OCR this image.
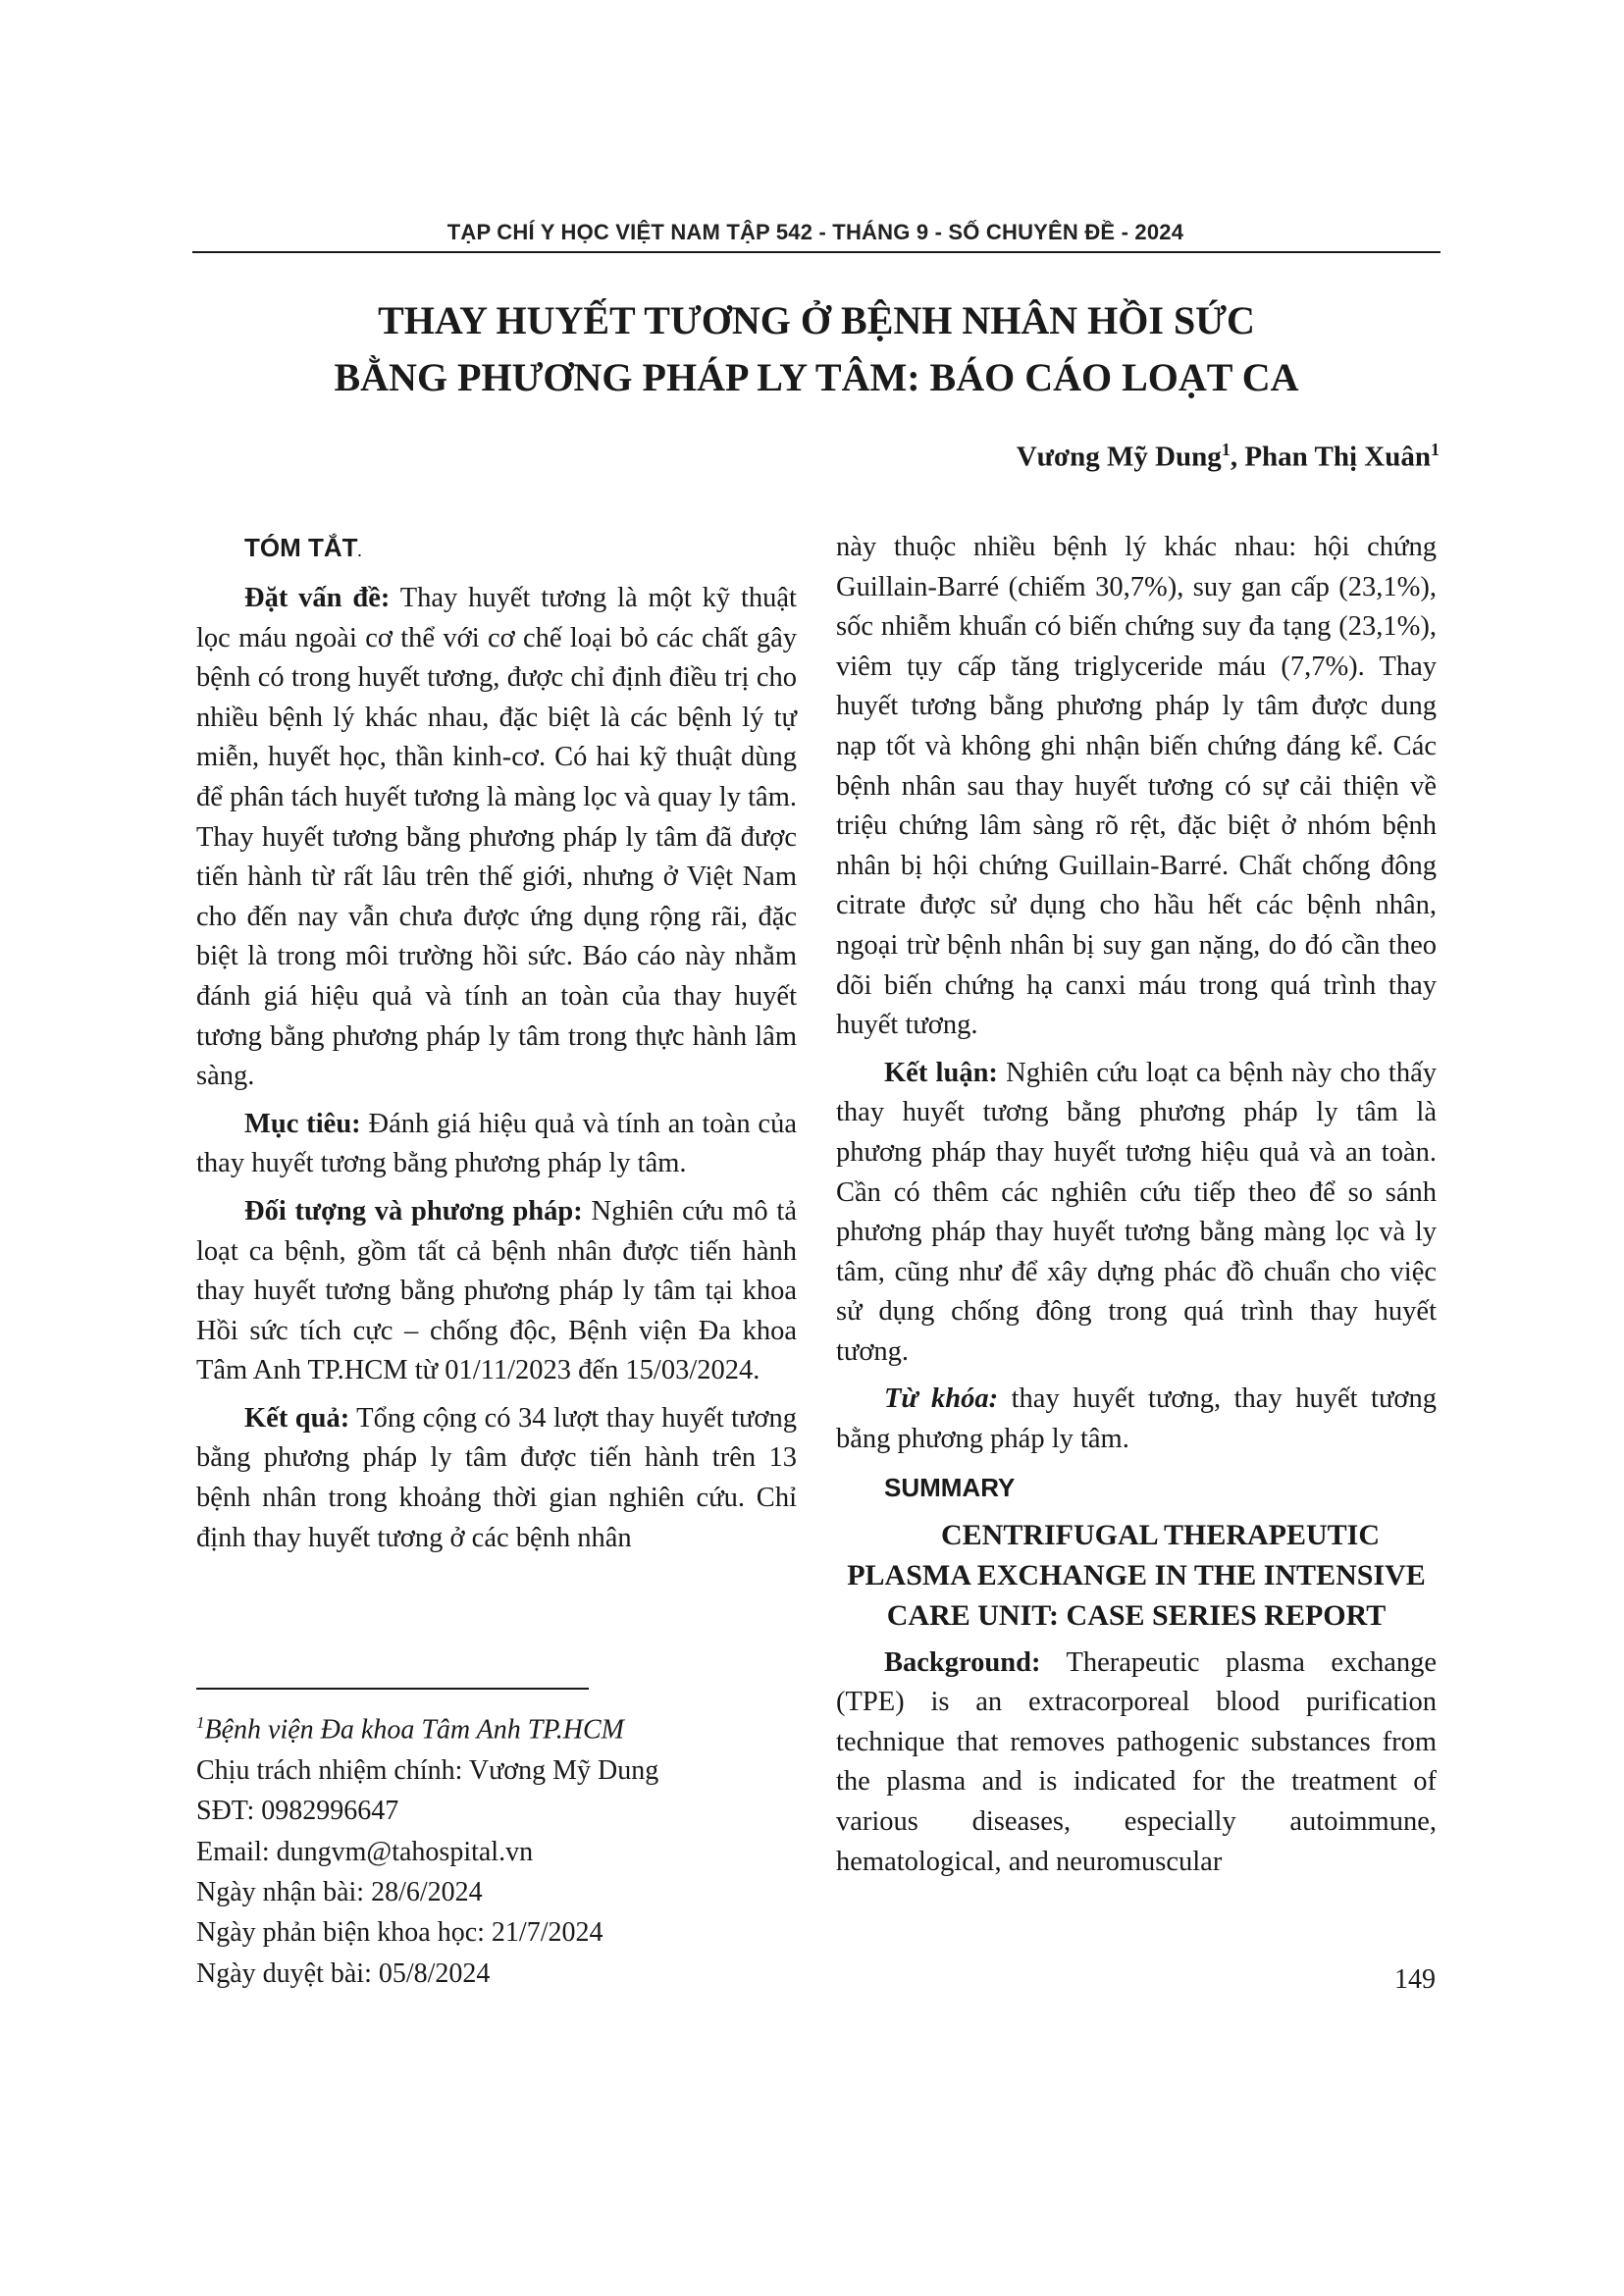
TẠP CHÍ Y HỌC VIỆT NAM TẬP 542 - THÁNG 9 - SỐ CHUYÊN ĐỀ - 2024
THAY HUYẾT TƯƠNG Ở BỆNH NHÂN HỒI SỨC
BẰNG PHƯƠNG PHÁP LY TÂM: BÁO CÁO LOẠT CA
Vương Mỹ Dung$^1$, Phan Thị Xuân$^1$

TÓM TẮT.

Đặt vấn đề: Thay huyết tương là một kỹ thuật lọc máu ngoài cơ thể với cơ chế loại bỏ các chất gây bệnh có trong huyết tương, được chỉ định điều trị cho nhiều bệnh lý khác nhau, đặc biệt là các bệnh lý tự miễn, huyết học, thần kinh-cơ. Có hai kỹ thuật dùng để phân tách huyết tương là màng lọc và quay ly tâm. Thay huyết tương bằng phương pháp ly tâm đã được tiến hành từ rất lâu trên thế giới, nhưng ở Việt Nam cho đến nay vẫn chưa được ứng dụng rộng rãi, đặc biệt là trong môi trường hồi sức. Báo cáo này nhằm đánh giá hiệu quả và tính an toàn của thay huyết tương bằng phương pháp ly tâm trong thực hành lâm sàng.

Mục tiêu: Đánh giá hiệu quả và tính an toàn của thay huyết tương bằng phương pháp ly tâm.

Đối tượng và phương pháp: Nghiên cứu mô tả loạt ca bệnh, gồm tất cả bệnh nhân được tiến hành thay huyết tương bằng phương pháp ly tâm tại khoa Hồi sức tích cực – chống độc, Bệnh viện Đa khoa Tâm Anh TP.HCM từ 01/11/2023 đến 15/03/2024.

Kết quả: Tổng cộng có 34 lượt thay huyết tương bằng phương pháp ly tâm được tiến hành trên 13 bệnh nhân trong khoảng thời gian nghiên cứu. Chỉ định thay huyết tương ở các bệnh nhân

$^1$Bệnh viện Đa khoa Tâm Anh TP.HCM
Chịu trách nhiệm chính: Vương Mỹ Dung
SĐT: 0982996647
Email: dungvm@tahospital.vn
Ngày nhận bài: 28/6/2024
Ngày phản biện khoa học: 21/7/2024
Ngày duyệt bài: 05/8/2024

này thuộc nhiều bệnh lý khác nhau: hội chứng Guillain-Barré (chiếm 30,7%), suy gan cấp (23,1%), sốc nhiễm khuẩn có biến chứng suy đa tạng (23,1%), viêm tụy cấp tăng triglyceride máu (7,7%). Thay huyết tương bằng phương pháp ly tâm được dung nạp tốt và không ghi nhận biến chứng đáng kể. Các bệnh nhân sau thay huyết tương có sự cải thiện về triệu chứng lâm sàng rõ rệt, đặc biệt ở nhóm bệnh nhân bị hội chứng Guillain-Barré. Chất chống đông citrate được sử dụng cho hầu hết các bệnh nhân, ngoại trừ bệnh nhân bị suy gan nặng, do đó cần theo dõi biến chứng hạ canxi máu trong quá trình thay huyết tương.

Kết luận: Nghiên cứu loạt ca bệnh này cho thấy thay huyết tương bằng phương pháp ly tâm là phương pháp thay huyết tương hiệu quả và an toàn. Cần có thêm các nghiên cứu tiếp theo để so sánh phương pháp thay huyết tương bằng màng lọc và ly tâm, cũng như để xây dựng phác đồ chuẩn cho việc sử dụng chống đông trong quá trình thay huyết tương.

Từ khóa: thay huyết tương, thay huyết tương bằng phương pháp ly tâm.

SUMMARY

CENTRIFUGAL THERAPEUTIC PLASMA EXCHANGE IN THE INTENSIVE CARE UNIT: CASE SERIES REPORT

Background: Therapeutic plasma exchange (TPE) is an extracorporeal blood purification technique that removes pathogenic substances from the plasma and is indicated for the treatment of various diseases, especially autoimmune, hematological, and neuromuscular

149
